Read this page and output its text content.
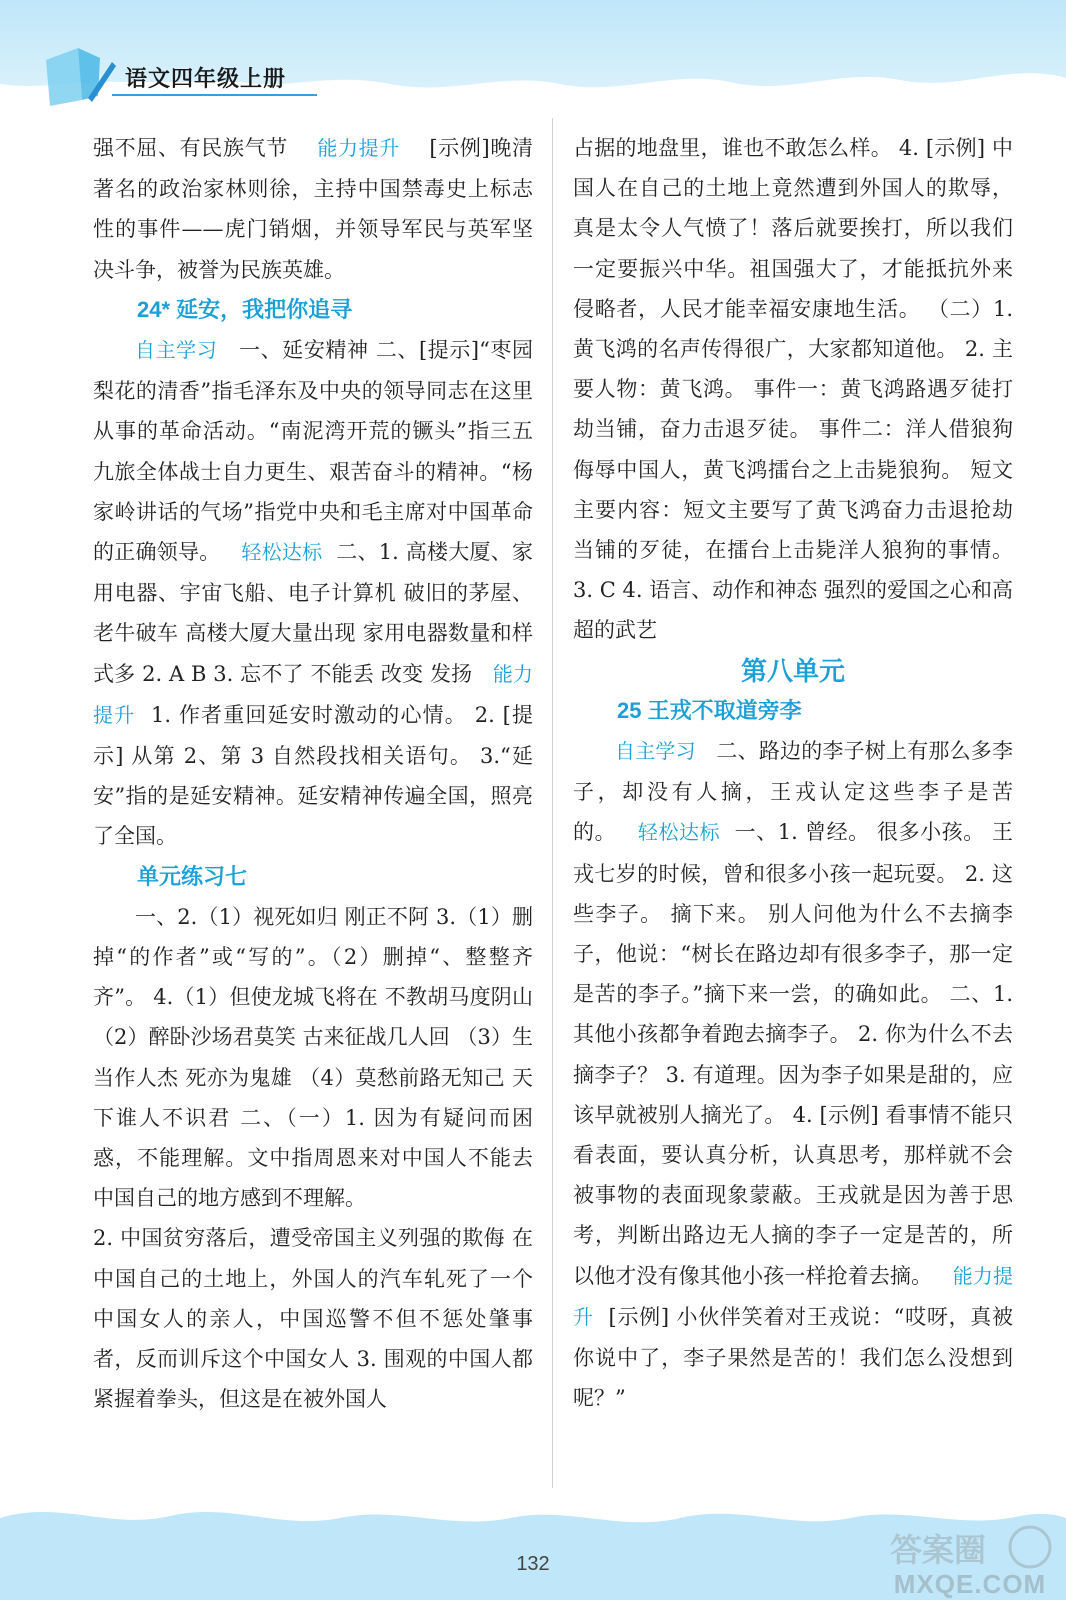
语文四年级上册

强不屈、有民族气节 能力提升 [示例]晚清著名的政治家林则徐，主持中国禁毒史上标志性的事件——虎门销烟，并领导军民与英军坚决斗争，被誉为民族英雄。

24* 延安，我把你追寻

自主学习 一、延安精神 二、[提示]“枣园梨花的清香”指毛泽东及中央的领导同志在这里从事的革命活动。“南泥湾开荒的镢头”指三五九旅全体战士自力更生、艰苦奋斗的精神。“杨家岭讲话的气场”指党中央和毛主席对中国革命的正确领导。 轻松达标 二、1. 高楼大厦、家用电器、宇宙飞船、电子计算机 破旧的茅屋、老牛破车 高楼大厦大量出现 家用电器数量和样式多 2. A B 3. 忘不了 不能丢 改变 发扬 能力提升 1. 作者重回延安时激动的心情。 2. [提示] 从第 2、第 3 自然段找相关语句。 3.“延安”指的是延安精神。延安精神传遍全国，照亮了全国。

单元练习七

一、2.（1）视死如归 刚正不阿 3.（1）删掉“的作者”或“写的”。（2）删掉“、整整齐齐”。 4.（1）但使龙城飞将在 不教胡马度阴山 （2）醉卧沙场君莫笑 古来征战几人回 （3）生当作人杰 死亦为鬼雄 （4）莫愁前路无知己 天下谁人不识君 二、（一）1. 因为有疑问而困惑，不能理解。文中指周恩来对中国人不能去中国自己的地方感到不理解。

2. 中国贫穷落后，遭受帝国主义列强的欺侮 在中国自己的土地上，外国人的汽车轧死了一个中国女人的亲人，中国巡警不但不惩处肇事者，反而训斥这个中国女人 3. 围观的中国人都紧握着拳头，但这是在被外国人

占据的地盘里，谁也不敢怎么样。 4. [示例] 中国人在自己的土地上竟然遭到外国人的欺辱，真是太令人气愤了！落后就要挨打，所以我们一定要振兴中华。祖国强大了，才能抵抗外来侵略者，人民才能幸福安康地生活。 （二）1. 黄飞鸿的名声传得很广，大家都知道他。 2. 主要人物：黄飞鸿。 事件一：黄飞鸿路遇歹徒打劫当铺，奋力击退歹徒。 事件二：洋人借狼狗侮辱中国人，黄飞鸿擂台之上击毙狼狗。 短文主要内容：短文主要写了黄飞鸿奋力击退抢劫当铺的歹徒，在擂台上击毙洋人狼狗的事情。 3. C 4. 语言、动作和神态 强烈的爱国之心和高超的武艺

第八单元

25 王戎不取道旁李

自主学习 二、路边的李子树上有那么多李子，却没有人摘，王戎认定这些李子是苦的。 轻松达标 一、1. 曾经。 很多小孩。 王戎七岁的时候，曾和很多小孩一起玩耍。 2. 这些李子。 摘下来。 别人问他为什么不去摘李子，他说：“树长在路边却有很多李子，那一定是苦的李子。”摘下来一尝，的确如此。 二、1. 其他小孩都争着跑去摘李子。 2. 你为什么不去摘李子？ 3. 有道理。因为李子如果是甜的，应该早就被别人摘光了。 4. [示例] 看事情不能只看表面，要认真分析，认真思考，那样就不会被事物的表面现象蒙蔽。王戎就是因为善于思考，判断出路边无人摘的李子一定是苦的，所以他才没有像其他小孩一样抢着去摘。 能力提升 [示例] 小伙伴笑着对王戎说：“哎呀，真被你说中了，李子果然是苦的！我们怎么没想到呢？”

132	答案圈
MXQE.COM
